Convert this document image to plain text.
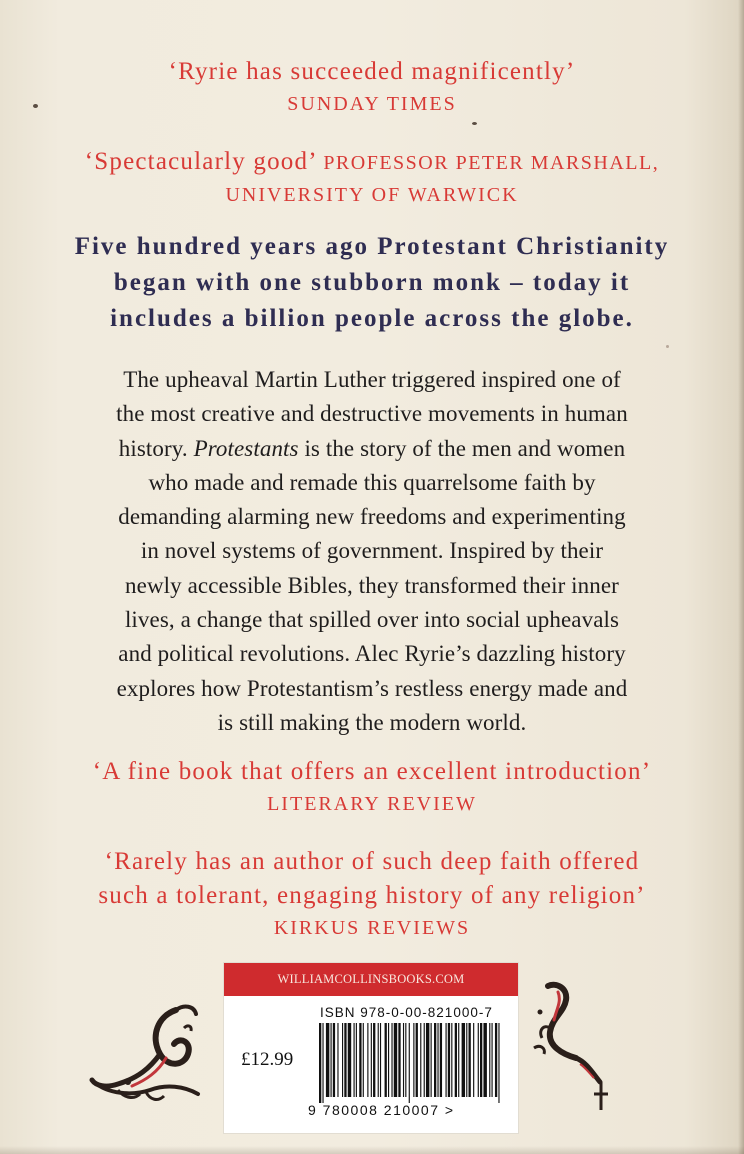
‘Ryrie has succeeded magnificently’
SUNDAY TIMES
‘Spectacularly good’ PROFESSOR PETER MARSHALL,
UNIVERSITY OF WARWICK
Five hundred years ago Protestant Christianity
began with one stubborn monk – today it
includes a billion people across the globe.
The upheaval Martin Luther triggered inspired one of
the most creative and destructive movements in human
history. Protestants is the story of the men and women
who made and remade this quarrelsome faith by
demanding alarming new freedoms and experimenting
in novel systems of government. Inspired by their
newly accessible Bibles, they transformed their inner
lives, a change that spilled over into social upheavals
and political revolutions. Alec Ryrie’s dazzling history
explores how Protestantism’s restless energy made and
is still making the modern world.
‘A fine book that offers an excellent introduction’
LITERARY REVIEW
‘Rarely has an author of such deep faith offered
such a tolerant, engaging history of any religion’
KIRKUS REVIEWS
WILLIAMCOLLINSBOOKS.COM
ISBN 978-0-00-821000-7
£12.99
9 780008 210007 >
